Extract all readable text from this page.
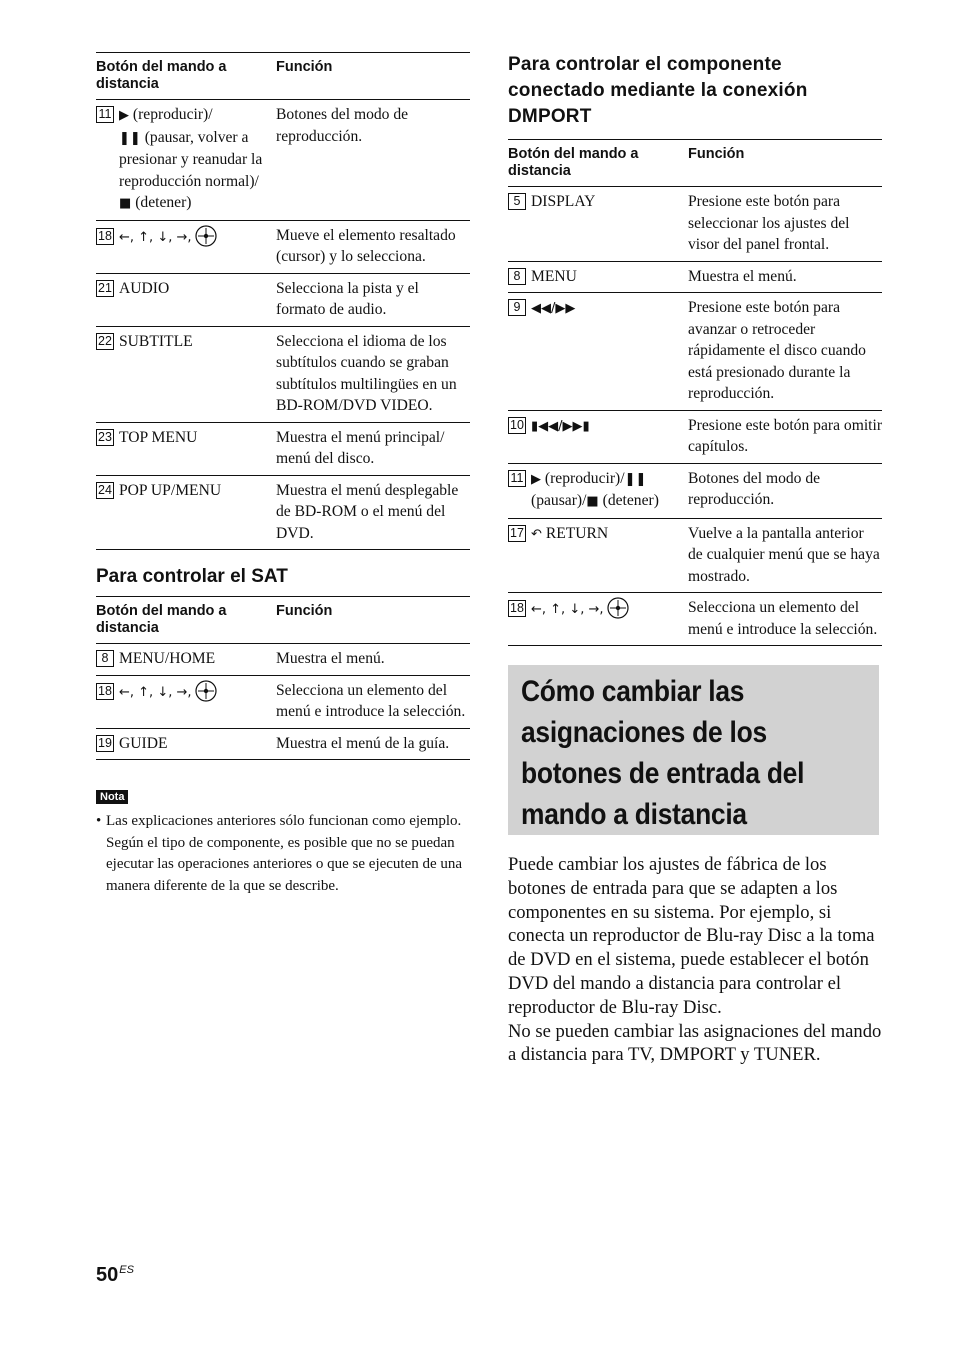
Botón del mando a distancia	Función

11 ▶ (reproducir)/
❚❚ (pausar, volver a presionar y reanudar la reproducción normal)/■ (detener)	Botones del modo de reproducción.
18 ←, ↑, ↓, →,	Mueve el elemento resaltado (cursor) y lo selecciona.
21 AUDIO	Selecciona la pista y el formato de audio.
22 SUBTITLE	Selecciona el idioma de los subtítulos cuando se graban subtítulos multilingües en un BD-ROM/DVD VIDEO.
23 TOP MENU	Muestra el menú principal/ menú del disco.
24 POP UP/MENU	Muestra el menú desplegable de BD-ROM o el menú del DVD.
Para controlar el SAT
Botón del mando a distancia	Función
8 MENU/HOME	Muestra el menú.
18 ←, ↑, ↓, →,	Selecciona un elemento del menú e introduce la selección.
19 GUIDE	Muestra el menú de la guía.
Nota
• Las explicaciones anteriores sólo funcionan como ejemplo. Según el tipo de componente, es posible que no se puedan ejecutar las operaciones anteriores o que se ejecuten de una manera diferente de la que se describe.
Para controlar el componente conectado mediante la conexión DMPORT
Botón del mando a distancia	Función
5 DISPLAY	Presione este botón para seleccionar los ajustes del visor del panel frontal.
8 MENU	Muestra el menú.
9 ◀◀/▶▶	Presione este botón para avanzar o retroceder rápidamente el disco cuando está presionado durante la reproducción.
10 ▮◀◀/▶▶▮	Presione este botón para omitir capítulos.

11 ▶ (reproducir)/❚❚
(pausar)/■ (detener)	Botones del modo de reproducción.
17 ↶ RETURN	Vuelve a la pantalla anterior de cualquier menú que se haya mostrado.
18 ←, ↑, ↓, →,	Selecciona un elemento del menú e introduce la selección.
Cómo cambiar las asignaciones de los botones de entrada del mando a distancia

Puede cambiar los ajustes de fábrica de los botones de entrada para que se adapten a los componentes en su sistema. Por ejemplo, si conecta un reproductor de Blu-ray Disc a la toma de DVD en el sistema, puede establecer el botón DVD del mando a distancia para controlar el reproductor de Blu-ray Disc.

No se pueden cambiar las asignaciones del mando a distancia para TV, DMPORT y TUNER.

$50^{ES}$
